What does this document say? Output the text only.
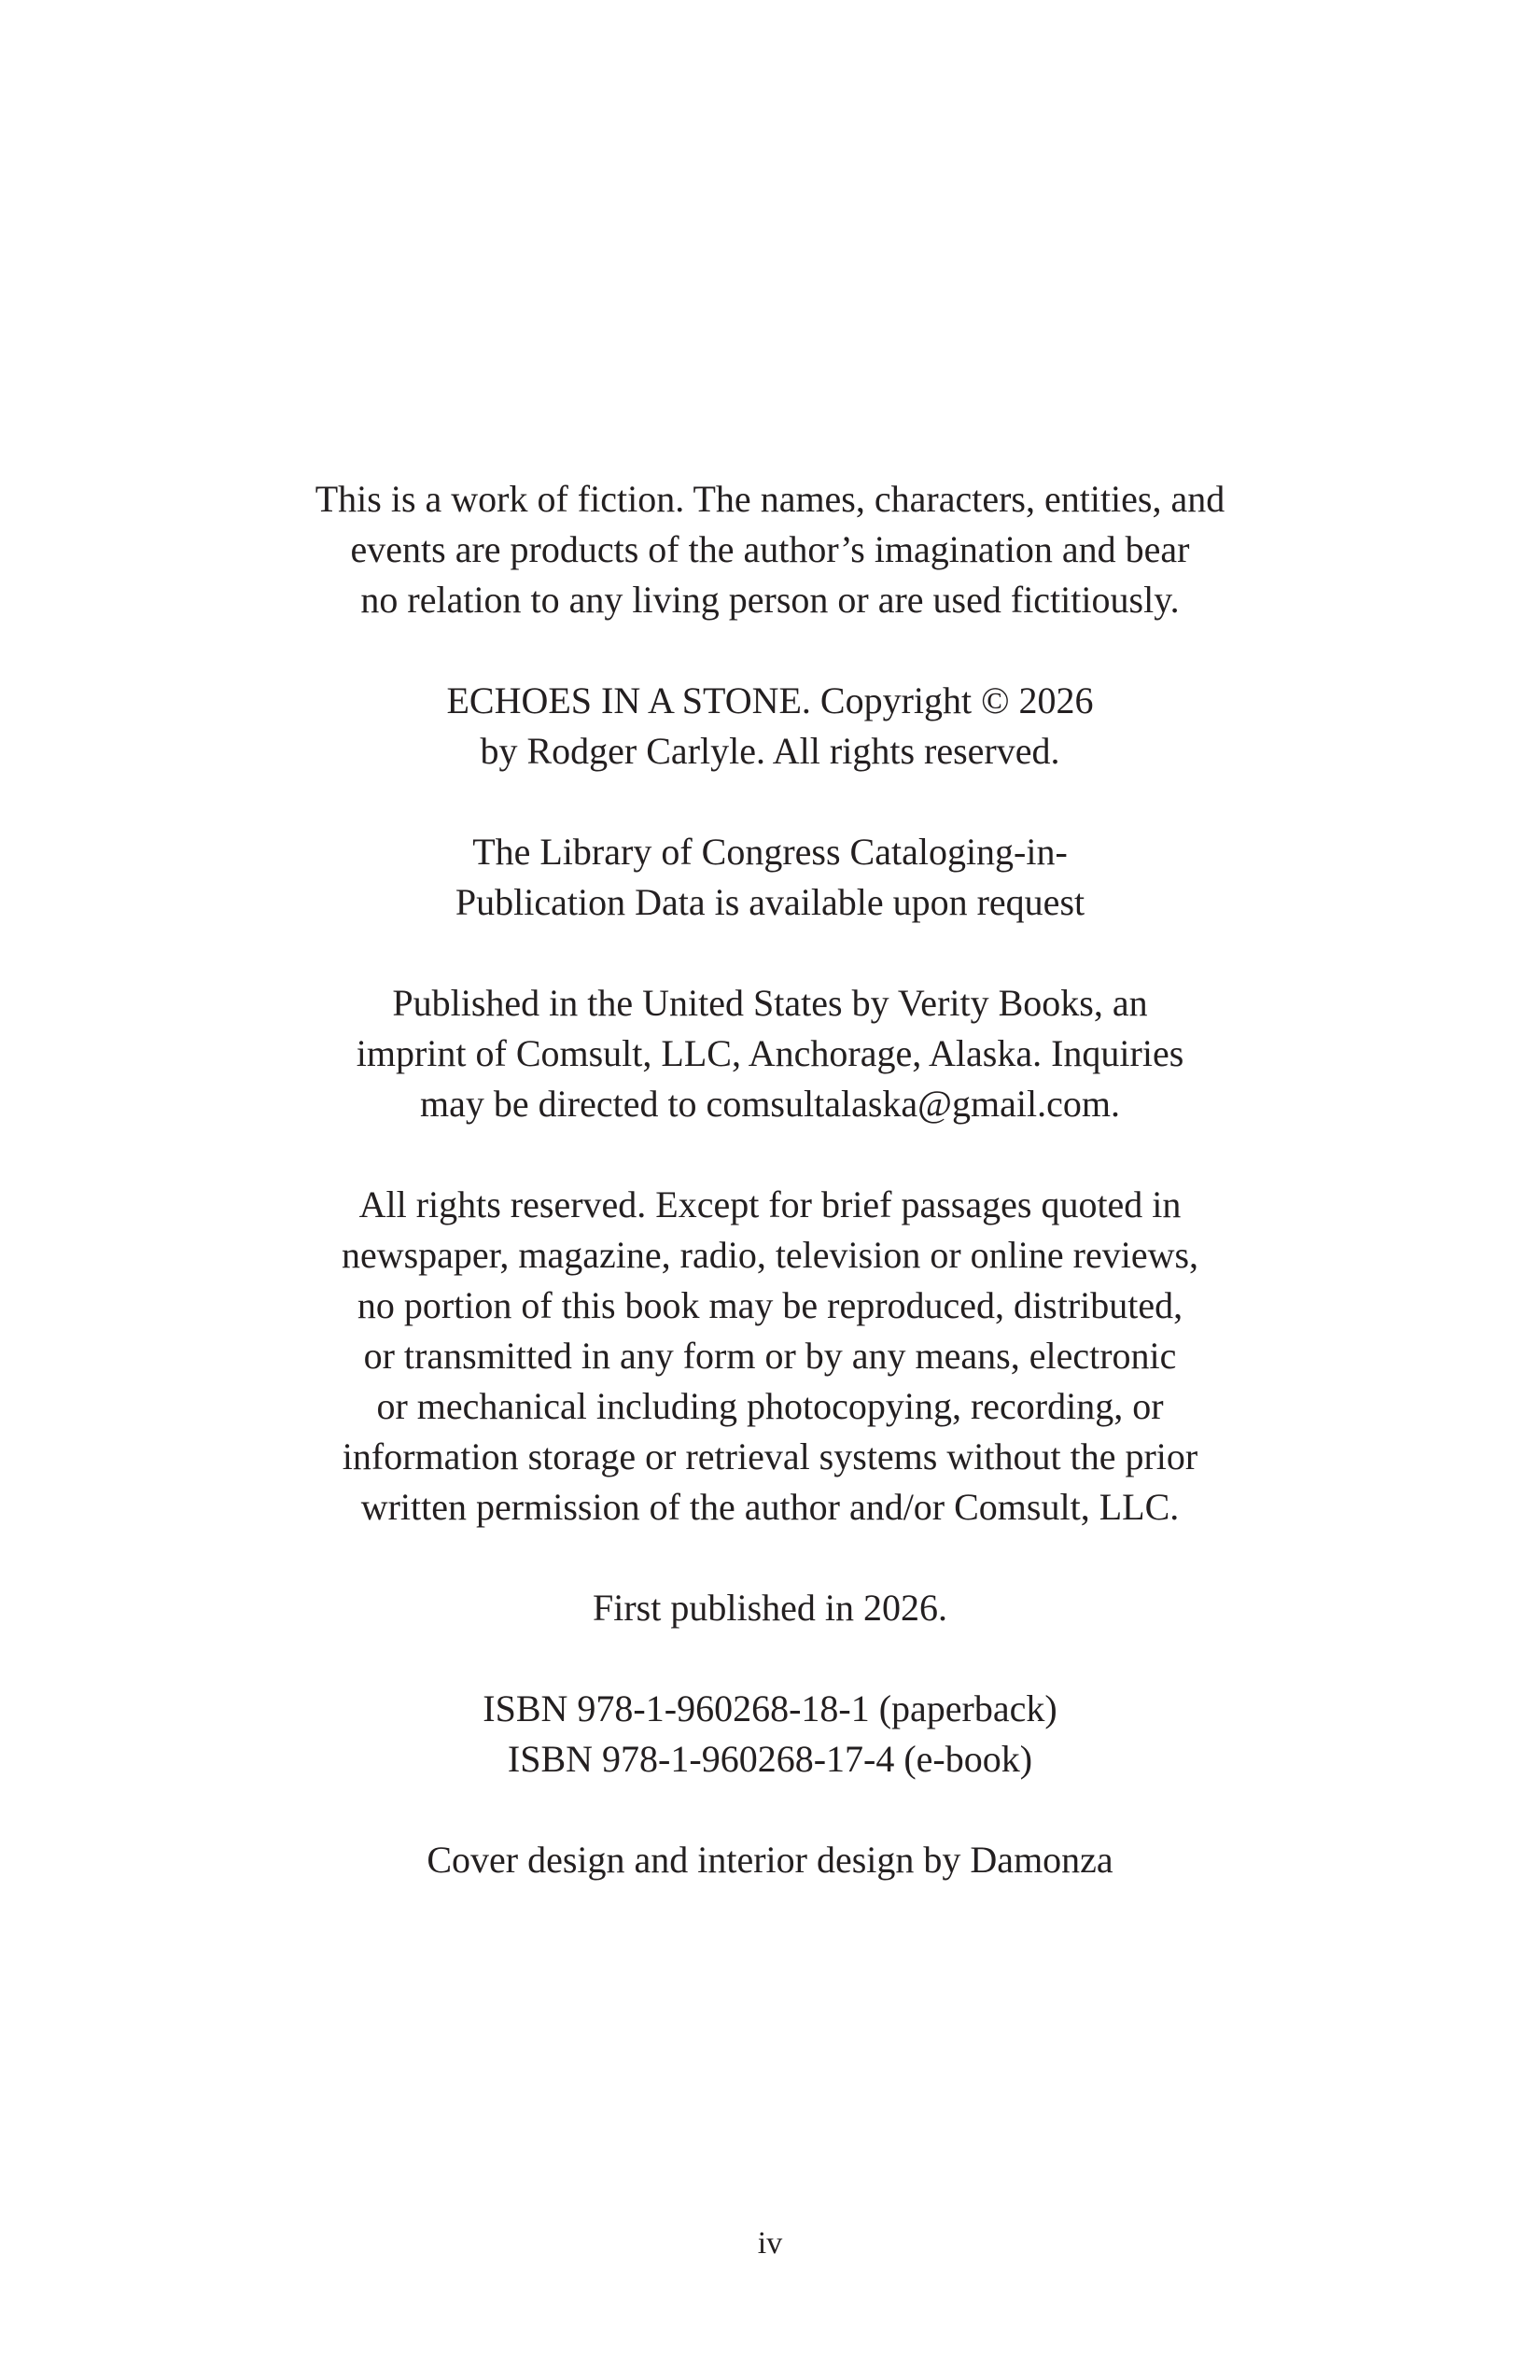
This is a work of fiction. The names, characters, entities, and
events are products of the author’s imagination and bear
no relation to any living person or are used fictitiously.

ECHOES IN A STONE. Copyright © 2026
by Rodger Carlyle. All rights reserved.

The Library of Congress Cataloging-in-
Publication Data is available upon request

Published in the United States by Verity Books, an
imprint of Comsult, LLC, Anchorage, Alaska. Inquiries
may be directed to comsultalaska@gmail.com.

All rights reserved. Except for brief passages quoted in
newspaper, magazine, radio, television or online reviews,
no portion of this book may be reproduced, distributed,
or transmitted in any form or by any means, electronic
or mechanical including photocopying, recording, or
information storage or retrieval systems without the prior
written permission of the author and/or Comsult, LLC.

First published in 2026.

ISBN 978-1-960268-18-1 (paperback)
ISBN 978-1-960268-17-4 (e-book)

Cover design and interior design by Damonza

iv
